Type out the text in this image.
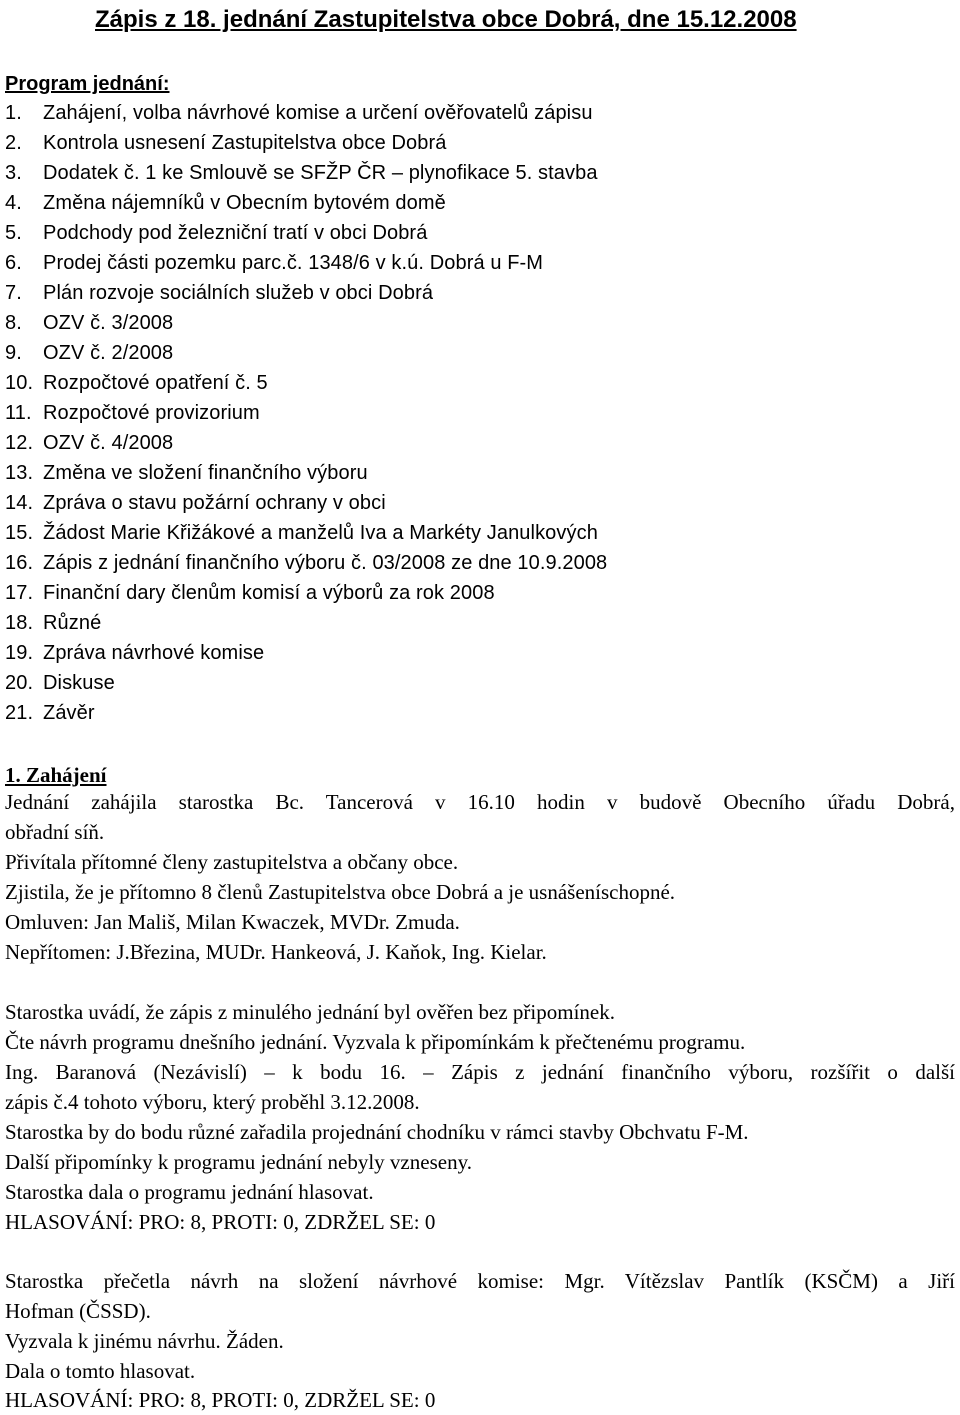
Zápis z 18. jednání Zastupitelstva obce Dobrá, dne 15.12.2008
Program jednání:
1.	Zahájení, volba návrhové komise a určení ověřovatelů zápisu
2.	Kontrola usnesení Zastupitelstva obce Dobrá
3.	Dodatek č. 1 ke Smlouvě se SFŽP ČR – plynofikace 5. stavba
4.	Změna nájemníků v Obecním bytovém domě
5.	Podchody pod železniční tratí v obci Dobrá
6.	Prodej části pozemku parc.č. 1348/6 v k.ú. Dobrá u F-M
7.	Plán rozvoje sociálních služeb v obci Dobrá
8.	OZV č. 3/2008
9.	OZV č. 2/2008
10. Rozpočtové opatření č. 5
11. Rozpočtové provizorium
12. OZV č. 4/2008
13. Změna ve složení finančního výboru
14. Zpráva o stavu požární ochrany v obci
15. Žádost Marie Křižákové a manželů Iva a Markéty Janulkových
16. Zápis z jednání finančního výboru č. 03/2008 ze dne 10.9.2008
17. Finanční dary členům komisí a výborů za rok 2008
18. Různé
19. Zpráva návrhové komise
20. Diskuse
21. Závěr
1. Zahájení

Jednání zahájila starostka Bc. Tancerová v 16.10 hodin v budově Obecního úřadu Dobrá,

obřadní síň.

Přivítala přítomné členy zastupitelstva a občany obce.

Zjistila, že je přítomno 8 členů Zastupitelstva obce Dobrá a je usnášeníschopné.

Omluven: Jan Mališ, Milan Kwaczek, MVDr. Zmuda.

Nepřítomen: J.Březina, MUDr. Hankeová, J. Kaňok, Ing. Kielar.

Starostka uvádí, že zápis z minulého jednání byl ověřen bez připomínek.

Čte návrh programu dnešního jednání. Vyzvala k připomínkám k přečtenému programu.

Ing. Baranová (Nezávislí) – k bodu 16. – Zápis z jednání finančního výboru, rozšířit o další

zápis č.4 tohoto výboru, který proběhl 3.12.2008.

Starostka by do bodu různé zařadila projednání chodníku v rámci stavby Obchvatu F-M.

Další připomínky k programu jednání nebyly vzneseny.

Starostka dala o programu jednání hlasovat.

HLASOVÁNÍ: PRO: 8, PROTI: 0, ZDRŽEL SE: 0

Starostka přečetla návrh na složení návrhové komise: Mgr. Vítězslav Pantlík (KSČM) a Jiří

Hofman (ČSSD).

Vyzvala k jinému návrhu. Žáden.

Dala o tomto hlasovat.

HLASOVÁNÍ: PRO: 8, PROTI: 0, ZDRŽEL SE: 0
